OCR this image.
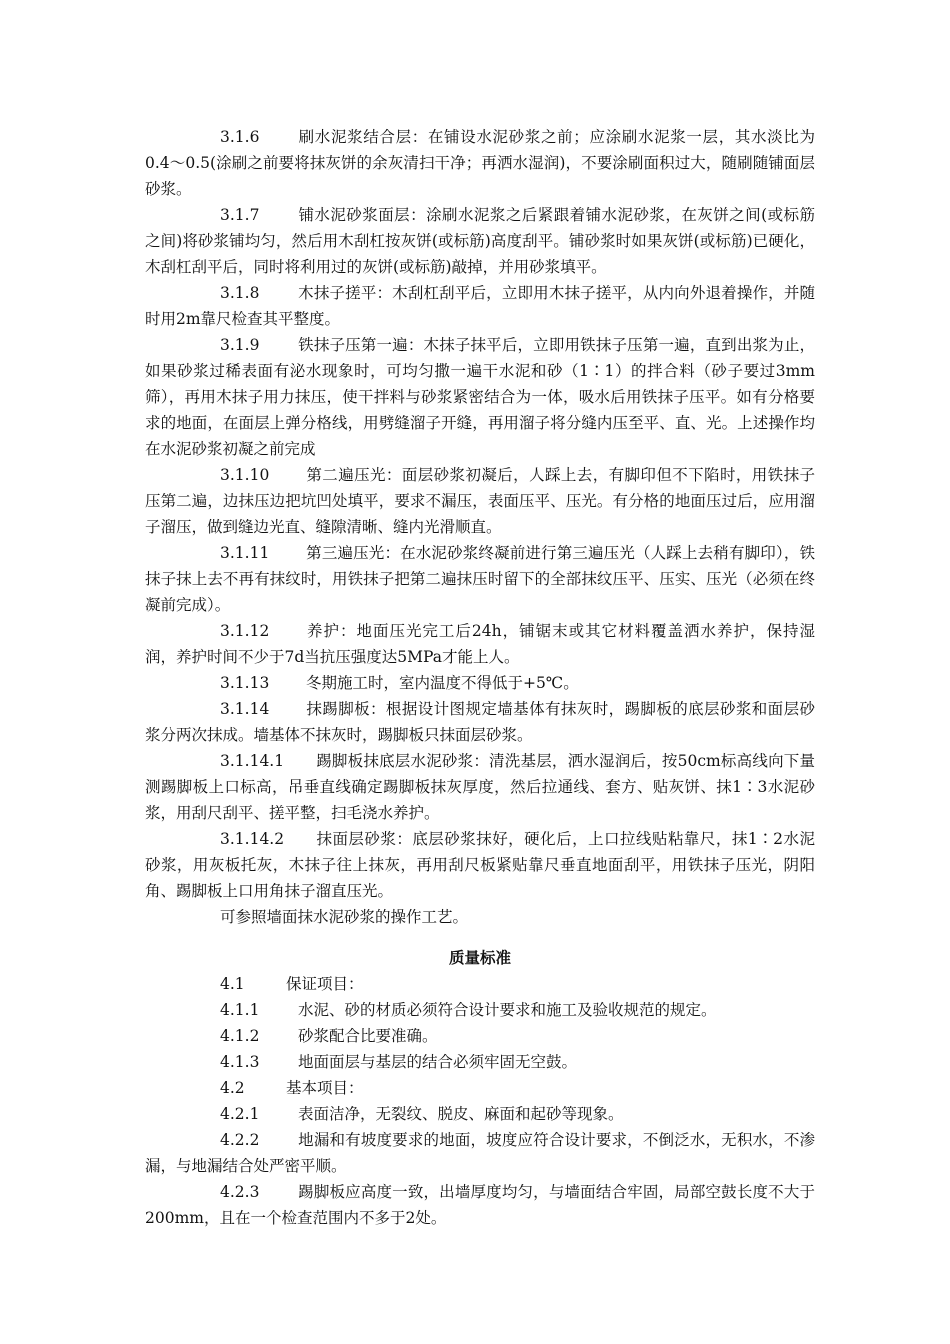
3.1.6 刷水泥浆结合层：在铺设水泥砂浆之前；应涂刷水泥浆一层，其水淡比为0.4～0.5(涂刷之前要将抹灰饼的余灰清扫干净；再洒水湿润)，不要涂刷面积过大，随刷随铺面层砂浆。

3.1.7 铺水泥砂浆面层：涂刷水泥浆之后紧跟着铺水泥砂浆，在灰饼之间(或标筋之间)将砂浆铺均匀，然后用木刮杠按灰饼(或标筋)高度刮平。铺砂浆时如果灰饼(或标筋)已硬化，木刮杠刮平后，同时将利用过的灰饼(或标筋)敲掉，并用砂浆填平。

3.1.8 木抹子搓平：木刮杠刮平后，立即用木抹子搓平，从内向外退着操作，并随时用2m靠尺检查其平整度。

3.1.9 铁抹子压第一遍：木抹子抹平后，立即用铁抹子压第一遍，直到出浆为止，如果砂浆过稀表面有泌水现象时，可均匀撒一遍干水泥和砂（1∶1）的拌合料（砂子要过3mm筛），再用木抹子用力抹压，使干拌料与砂浆紧密结合为一体，吸水后用铁抹子压平。如有分格要求的地面，在面层上弹分格线，用劈缝溜子开缝，再用溜子将分缝内压至平、直、光。上述操作均在水泥砂浆初凝之前完成

3.1.10 第二遍压光：面层砂浆初凝后，人踩上去，有脚印但不下陷时，用铁抹子压第二遍，边抹压边把坑凹处填平，要求不漏压，表面压平、压光。有分格的地面压过后，应用溜子溜压，做到缝边光直、缝隙清晰、缝内光滑顺直。

3.1.11 第三遍压光：在水泥砂浆终凝前进行第三遍压光（人踩上去稍有脚印），铁抹子抹上去不再有抹纹时，用铁抹子把第二遍抹压时留下的全部抹纹压平、压实、压光（必须在终凝前完成）。

3.1.12 养护：地面压光完工后24h，铺锯末或其它材料覆盖洒水养护，保持湿润，养护时间不少于7d当抗压强度达5MPa才能上人。

3.1.13 冬期施工时，室内温度不得低于+5℃。

3.1.14 抹踢脚板：根据设计图规定墙基体有抹灰时，踢脚板的底层砂浆和面层砂浆分两次抹成。墙基体不抹灰时，踢脚板只抹面层砂浆。

3.1.14.1 踢脚板抹底层水泥砂浆：清洗基层，洒水湿润后，按50cm标高线向下量测踢脚板上口标高，吊垂直线确定踢脚板抹灰厚度，然后拉通线、套方、贴灰饼、抹1∶3水泥砂浆，用刮尺刮平、搓平整，扫毛浇水养护。

3.1.14.2 抹面层砂浆：底层砂浆抹好，硬化后，上口拉线贴粘靠尺，抹1∶2水泥砂浆，用灰板托灰，木抹子往上抹灰，再用刮尺板紧贴靠尺垂直地面刮平，用铁抹子压光，阴阳角、踢脚板上口用角抹子溜直压光。

可参照墙面抹水泥砂浆的操作工艺。

质量标准

4.1	保证项目：

4.1.1 水泥、砂的材质必须符合设计要求和施工及验收规范的规定。

4.1.2 砂浆配合比要准确。

4.1.3 地面面层与基层的结合必须牢固无空鼓。

4.2	基本项目：

4.2.1 表面洁净，无裂纹、脱皮、麻面和起砂等现象。

4.2.2 地漏和有坡度要求的地面，坡度应符合设计要求，不倒泛水，无积水，不渗漏，与地漏结合处严密平顺。

4.2.3 踢脚板应高度一致，出墙厚度均匀，与墙面结合牢固，局部空鼓长度不大于200mm，且在一个检查范围内不多于2处。
